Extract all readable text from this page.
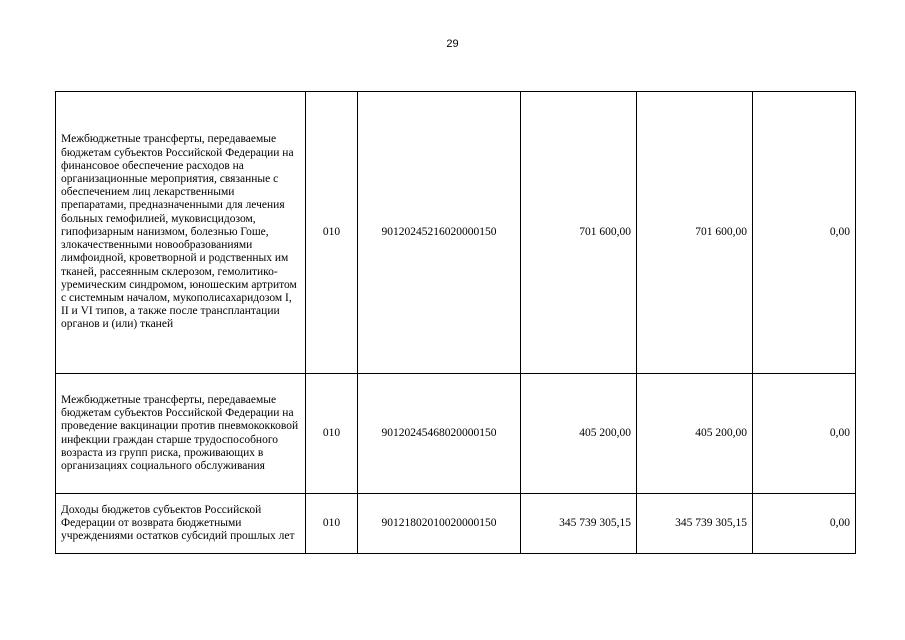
29
Межбюджетные трансферты, передаваемые бюджетам субъектов Российской Федерации на финансовое обеспечение расходов на организационные мероприятия, связанные с обеспечением лиц лекарственными препаратами, предназначенными для лечения больных гемофилией, муковисцидозом, гипофизарным нанизмом, болезнью Гоше, злокачественными новообразованиями лимфоидной, кроветворной и родственных им тканей, рассеянным склерозом, гемолитико-уремическим синдромом, юношеским артритом с системным началом, мукополисахаридозом I, II и VI типов, а также после трансплантации органов и (или) тканей	010	90120245216020000150	701 600,00	701 600,00	0,00
Межбюджетные трансферты, передаваемые бюджетам субъектов Российской Федерации на проведение вакцинации против пневмококковой инфекции граждан старше трудоспособного возраста из групп риска, проживающих в организациях социального обслуживания	010	90120245468020000150	405 200,00	405 200,00	0,00
Доходы бюджетов субъектов Российской Федерации от возврата бюджетными учреждениями остатков субсидий прошлых лет	010	90121802010020000150	345 739 305,15	345 739 305,15	0,00
